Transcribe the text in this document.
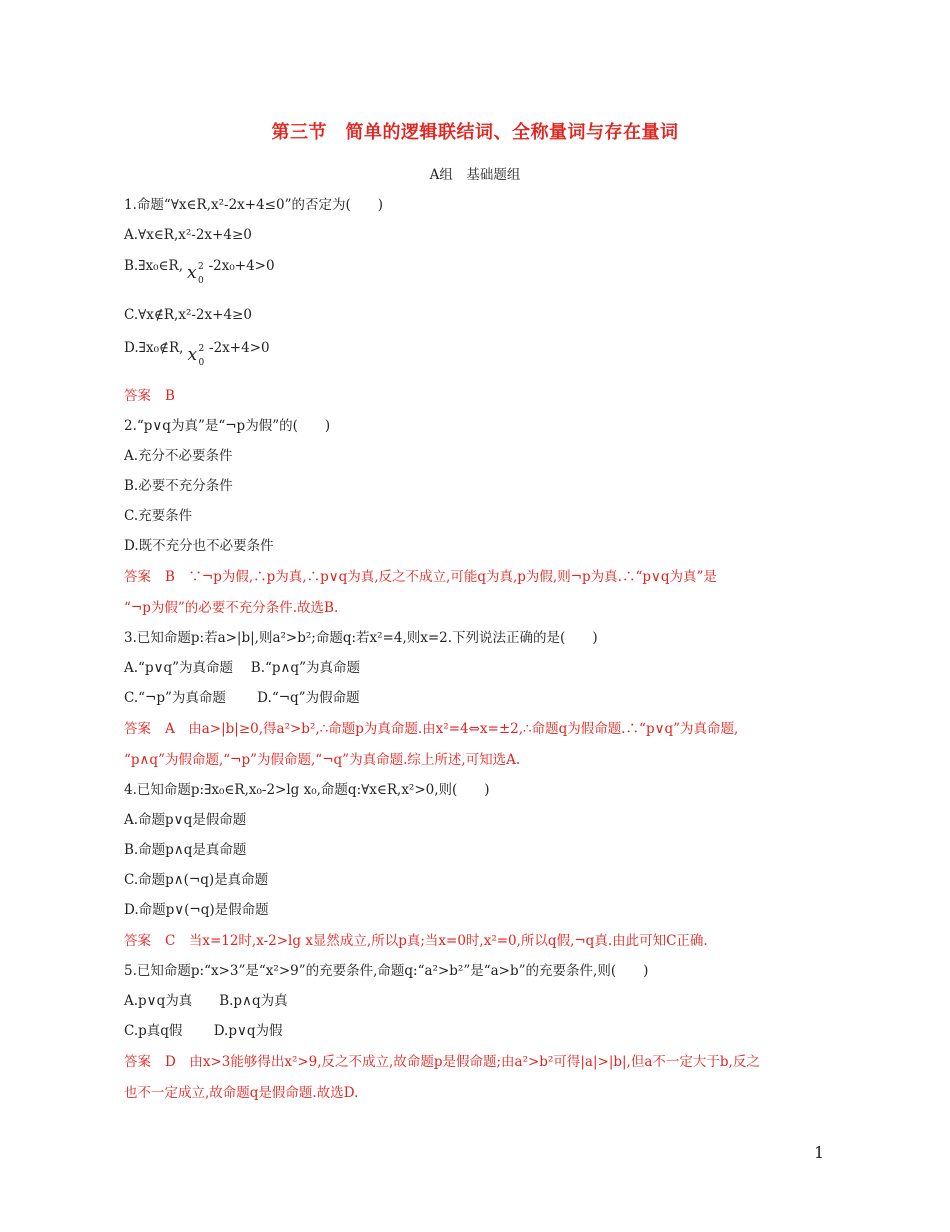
第三节　简单的逻辑联结词、全称量词与存在量词
A组　基础题组
1.命题“∀x∈R,x²-2x+4≤0”的否定为(　　)
A.∀x∈R,x²-2x+4≥0
B.∃x₀∈R, x 2
0
-2x₀+4>0
C.∀x∉R,x²-2x+4≥0
D.∃x₀∉R, x 2
0
-2x+4>0
答案 B
2.“p∨q为真”是“¬p为假”的(　　)
A.充分不必要条件
B.必要不充分条件
C.充要条件
D.既不充分也不必要条件
答案 B　∵¬p为假,∴p为真,∴p∨q为真,反之不成立,可能q为真,p为假,则¬p为真.∴“p∨q为真”是
“¬p为假”的必要不充分条件.故选B.
3.已知命题p:若a>|b|,则a²>b²;命题q:若x²=4,则x=2.下列说法正确的是(　　)
A.“p∨q”为真命题　 B.“p∧q”为真命题
C.“¬p”为真命题　　 D.“¬q”为假命题
答案 A　由a>|b|≥0,得a²>b²,∴命题p为真命题.由x²=4⇔x=±2,∴命题q为假命题.∴“p∨q”为真命题,
“p∧q”为假命题,“¬p”为假命题,“¬q”为真命题.综上所述,可知选A.
4.已知命题p:∃x₀∈R,x₀-2>lg x₀,命题q:∀x∈R,x²>0,则(　　)
A.命题p∨q是假命题
B.命题p∧q是真命题
C.命题p∧(¬q)是真命题
D.命题p∨(¬q)是假命题
答案 C　当x=12时,x-2>lg x显然成立,所以p真;当x=0时,x²=0,所以q假,¬q真.由此可知C正确.
5.已知命题p:“x>3”是“x²>9”的充要条件,命题q:“a²>b²”是“a>b”的充要条件,则(　　)
A.p∨q为真　　B.p∧q为真
C.p真q假　　 D.p∨q为假
答案 D　由x>3能够得出x²>9,反之不成立,故命题p是假命题;由a²>b²可得|a|>|b|,但a不一定大于b,反之
也不一定成立,故命题q是假命题.故选D.
1
